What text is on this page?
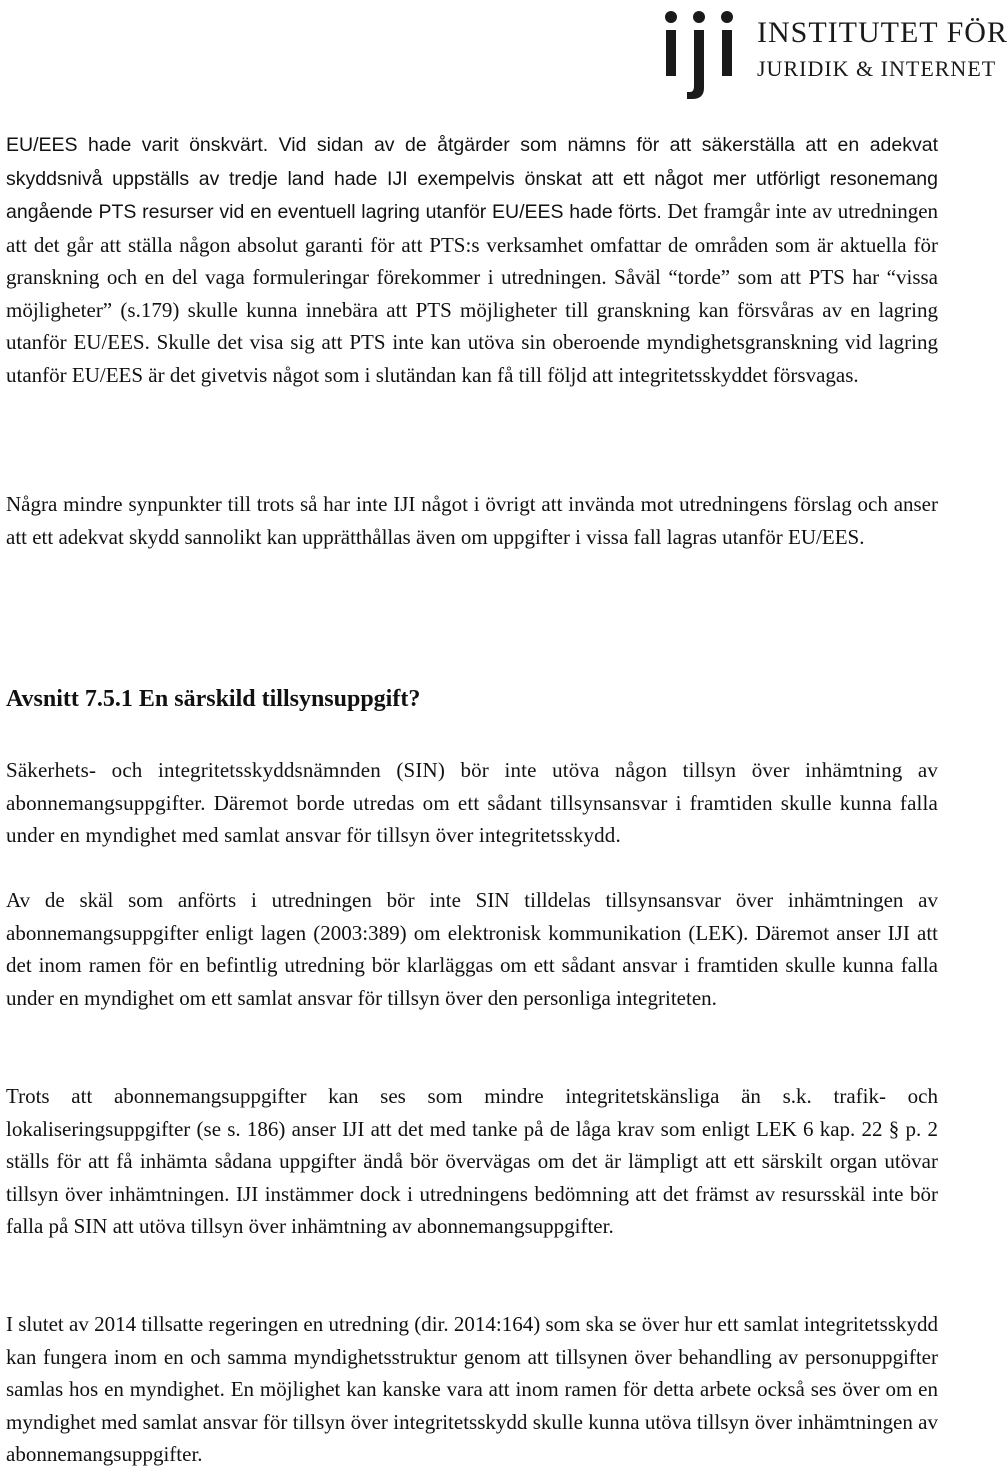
INSTITUTET FÖR
JURIDIK & INTERNET

EU/EES hade varit önskvärt. Vid sidan av de åtgärder som nämns för att säkerställa att en adekvat skyddsnivå uppställs av tredje land hade IJI exempelvis önskat att ett något mer utförligt resonemang angående PTS resurser vid en eventuell lagring utanför EU/EES hade förts. Det framgår inte av utredningen att det går att ställa någon absolut garanti för att PTS:s verksamhet omfattar de områden som är aktuella för granskning och en del vaga formuleringar förekommer i utredningen. Såväl “torde” som att PTS har “vissa möjligheter” (s.179) skulle kunna innebära att PTS möjligheter till granskning kan försvåras av en lagring utanför EU/EES. Skulle det visa sig att PTS inte kan utöva sin oberoende myndighetsgranskning vid lagring utanför EU/EES är det givetvis något som i slutändan kan få till följd att integritetsskyddet försvagas.

Några mindre synpunkter till trots så har inte IJI något i övrigt att invända mot utredningens förslag och anser att ett adekvat skydd sannolikt kan upprätthållas även om uppgifter i vissa fall lagras utanför EU/EES.

Avsnitt 7.5.1 En särskild tillsynsuppgift?

Säkerhets- och integritetsskyddsnämnden (SIN) bör inte utöva någon tillsyn över inhämtning av abonnemangsuppgifter. Däremot borde utredas om ett sådant tillsynsansvar i framtiden skulle kunna falla under en myndighet med samlat ansvar för tillsyn över integritetsskydd.

Av de skäl som anförts i utredningen bör inte SIN tilldelas tillsynsansvar över inhämtningen av abonnemangsuppgifter enligt lagen (2003:389) om elektronisk kommunikation (LEK). Däremot anser IJI att det inom ramen för en befintlig utredning bör klarläggas om ett sådant ansvar i framtiden skulle kunna falla under en myndighet om ett samlat ansvar för tillsyn över den personliga integriteten.

Trots att abonnemangsuppgifter kan ses som mindre integritetskänsliga än s.k. trafik- och lokaliseringsuppgifter (se s. 186) anser IJI att det med tanke på de låga krav som enligt LEK 6 kap. 22 § p. 2 ställs för att få inhämta sådana uppgifter ändå bör övervägas om det är lämpligt att ett särskilt organ utövar tillsyn över inhämtningen. IJI instämmer dock i utredningens bedömning att det främst av resursskäl inte bör falla på SIN att utöva tillsyn över inhämtning av abonnemangsuppgifter.

I slutet av 2014 tillsatte regeringen en utredning (dir. 2014:164) som ska se över hur ett samlat integritetsskydd kan fungera inom en och samma myndighetsstruktur genom att tillsynen över behandling av personuppgifter samlas hos en myndighet. En möjlighet kan kanske vara att inom ramen för detta arbete också ses över om en myndighet med samlat ansvar för tillsyn över integritetsskydd skulle kunna utöva tillsyn över inhämtningen av abonnemangsuppgifter.
